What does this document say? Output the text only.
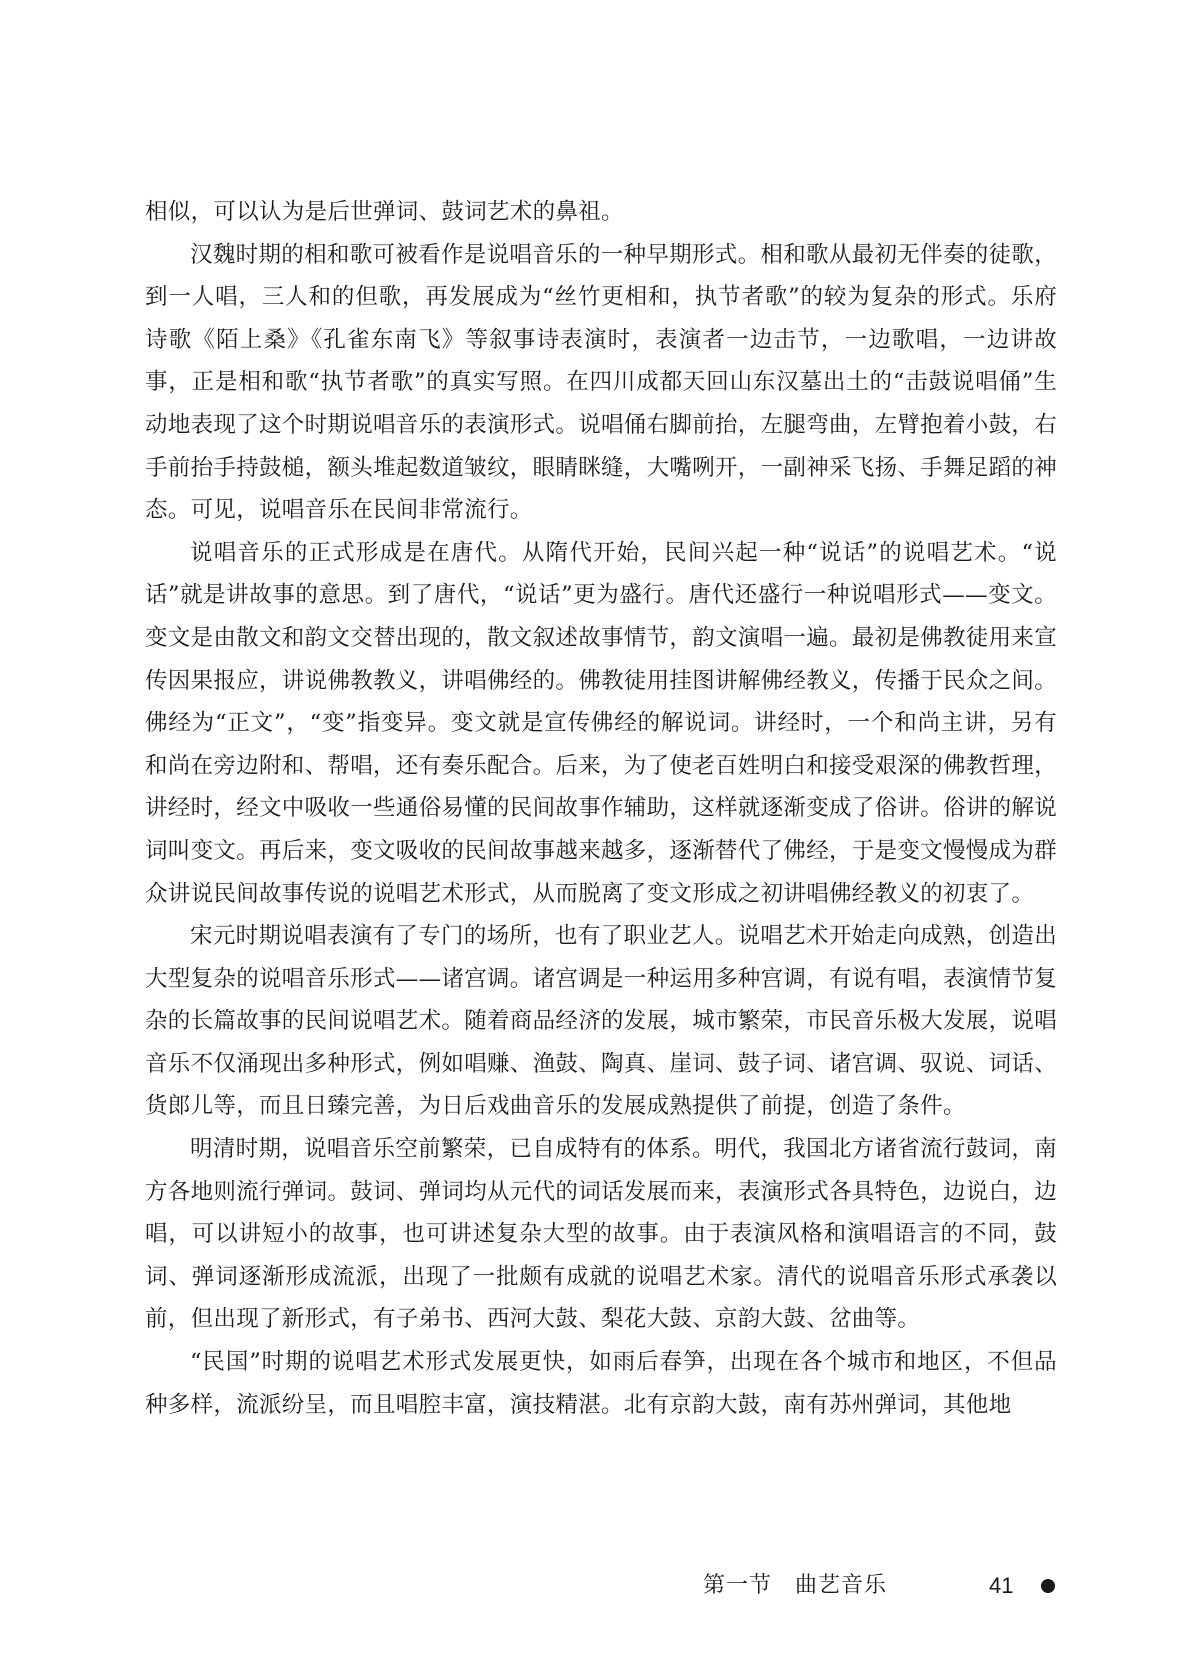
相似，可以认为是后世弹词、鼓词艺术的鼻祖。

汉魏时期的相和歌可被看作是说唱音乐的一种早期形式。相和歌从最初无伴奏的徒歌，到一人唱，三人和的但歌，再发展成为“丝竹更相和，执节者歌”的较为复杂的形式。乐府诗歌《陌上桑》《孔雀东南飞》等叙事诗表演时，表演者一边击节，一边歌唱，一边讲故事，正是相和歌“执节者歌”的真实写照。在四川成都天回山东汉墓出土的“击鼓说唱俑”生动地表现了这个时期说唱音乐的表演形式。说唱俑右脚前抬，左腿弯曲，左臂抱着小鼓，右手前抬手持鼓槌，额头堆起数道皱纹，眼睛眯缝，大嘴咧开，一副神采飞扬、手舞足蹈的神态。可见，说唱音乐在民间非常流行。

说唱音乐的正式形成是在唐代。从隋代开始，民间兴起一种“说话”的说唱艺术。“说话”就是讲故事的意思。到了唐代，“说话”更为盛行。唐代还盛行一种说唱形式——变文。变文是由散文和韵文交替出现的，散文叙述故事情节，韵文演唱一遍。最初是佛教徒用来宣传因果报应，讲说佛教教义，讲唱佛经的。佛教徒用挂图讲解佛经教义，传播于民众之间。佛经为“正文”，“变”指变异。变文就是宣传佛经的解说词。讲经时，一个和尚主讲，另有和尚在旁边附和、帮唱，还有奏乐配合。后来，为了使老百姓明白和接受艰深的佛教哲理，讲经时，经文中吸收一些通俗易懂的民间故事作辅助，这样就逐渐变成了俗讲。俗讲的解说词叫变文。再后来，变文吸收的民间故事越来越多，逐渐替代了佛经，于是变文慢慢成为群众讲说民间故事传说的说唱艺术形式，从而脱离了变文形成之初讲唱佛经教义的初衷了。

宋元时期说唱表演有了专门的场所，也有了职业艺人。说唱艺术开始走向成熟，创造出大型复杂的说唱音乐形式——诸宫调。诸宫调是一种运用多种宫调，有说有唱，表演情节复杂的长篇故事的民间说唱艺术。随着商品经济的发展，城市繁荣，市民音乐极大发展，说唱音乐不仅涌现出多种形式，例如唱赚、渔鼓、陶真、崖词、鼓子词、诸宫调、驭说、词话、货郎儿等，而且日臻完善，为日后戏曲音乐的发展成熟提供了前提，创造了条件。

明清时期，说唱音乐空前繁荣，已自成特有的体系。明代，我国北方诸省流行鼓词，南方各地则流行弹词。鼓词、弹词均从元代的词话发展而来，表演形式各具特色，边说白，边唱，可以讲短小的故事，也可讲述复杂大型的故事。由于表演风格和演唱语言的不同，鼓词、弹词逐渐形成流派，出现了一批颇有成就的说唱艺术家。清代的说唱音乐形式承袭以前，但出现了新形式，有子弟书、西河大鼓、梨花大鼓、京韵大鼓、岔曲等。

“民国”时期的说唱艺术形式发展更快，如雨后春笋，出现在各个城市和地区，不但品种多样，流派纷呈，而且唱腔丰富，演技精湛。北有京韵大鼓，南有苏州弹词，其他地

第一节　曲艺音乐	41
